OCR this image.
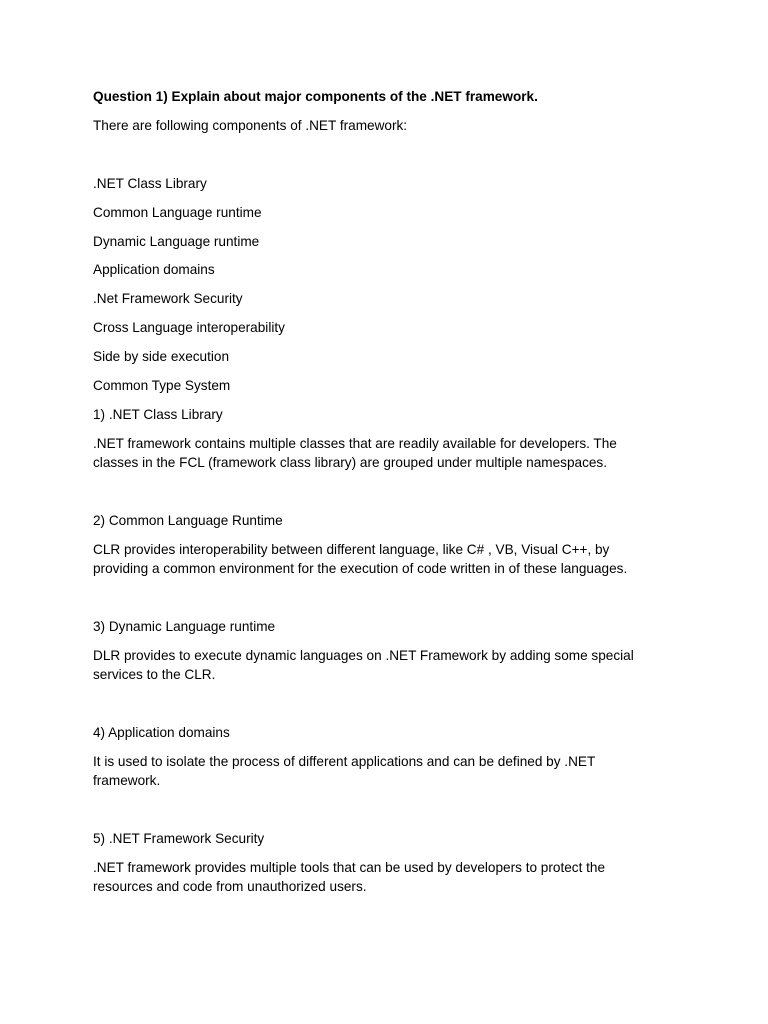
Question 1) Explain about major components of the .NET framework.

There are following components of .NET framework:

.NET Class Library

Common Language runtime

Dynamic Language runtime

Application domains

.Net Framework Security

Cross Language interoperability

Side by side execution

Common Type System

1) .NET Class Library

.NET framework contains multiple classes that are readily available for developers. The

classes in the FCL (framework class library) are grouped under multiple namespaces.

2) Common Language Runtime

CLR provides interoperability between different language, like C# , VB, Visual C++, by

providing a common environment for the execution of code written in of these languages.

3) Dynamic Language runtime

DLR provides to execute dynamic languages on .NET Framework by adding some special

services to the CLR.

4) Application domains

It is used to isolate the process of different applications and can be defined by .NET

framework.

5) .NET Framework Security

.NET framework provides multiple tools that can be used by developers to protect the

resources and code from unauthorized users.
